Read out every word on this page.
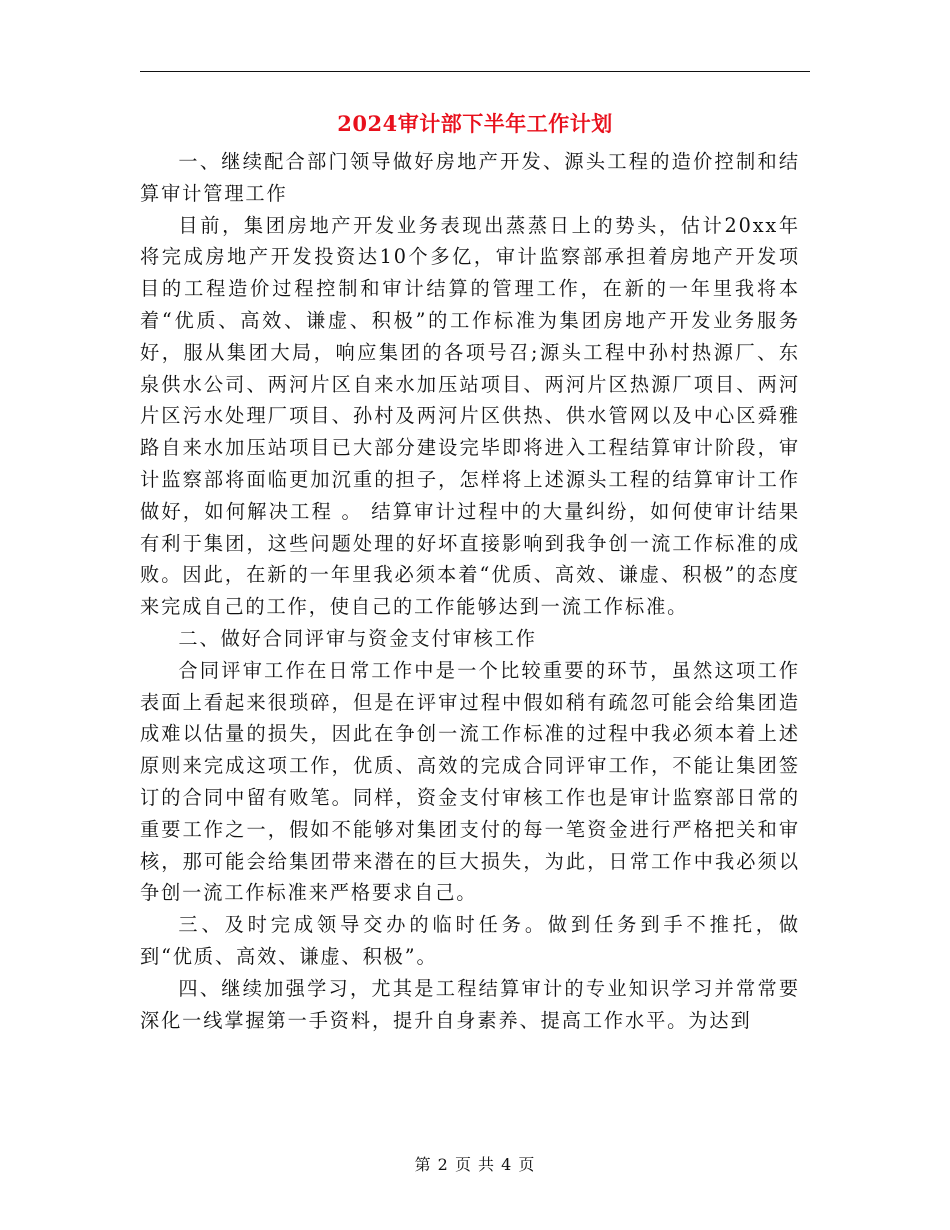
2024审计部下半年工作计划

一、继续配合部门领导做好房地产开发、源头工程的造价控制和结算审计管理工作

目前，集团房地产开发业务表现出蒸蒸日上的势头，估计20xx年将完成房地产开发投资达10个多亿，审计监察部承担着房地产开发项目的工程造价过程控制和审计结算的管理工作，在新的一年里我将本着“优质、高效、谦虚、积极”的工作标准为集团房地产开发业务服务好，服从集团大局，响应集团的各项号召;源头工程中孙村热源厂、东泉供水公司、两河片区自来水加压站项目、两河片区热源厂项目、两河片区污水处理厂项目、孙村及两河片区供热、供水管网以及中心区舜雅路自来水加压站项目已大部分建设完毕即将进入工程结算审计阶段，审计监察部将面临更加沉重的担子，怎样将上述源头工程的结算审计工作做好，如何解决工程 。 结算审计过程中的大量纠纷，如何使审计结果有利于集团，这些问题处理的好坏直接影响到我争创一流工作标准的成败。因此，在新的一年里我必须本着“优质、高效、谦虚、积极”的态度来完成自己的工作，使自己的工作能够达到一流工作标准。

二、做好合同评审与资金支付审核工作

合同评审工作在日常工作中是一个比较重要的环节，虽然这项工作表面上看起来很琐碎，但是在评审过程中假如稍有疏忽可能会给集团造成难以估量的损失，因此在争创一流工作标准的过程中我必须本着上述原则来完成这项工作，优质、高效的完成合同评审工作，不能让集团签订的合同中留有败笔。同样，资金支付审核工作也是审计监察部日常的重要工作之一，假如不能够对集团支付的每一笔资金进行严格把关和审核，那可能会给集团带来潜在的巨大损失，为此，日常工作中我必须以争创一流工作标准来严格要求自己。

三、及时完成领导交办的临时任务。做到任务到手不推托，做到“优质、高效、谦虚、积极”。

四、继续加强学习，尤其是工程结算审计的专业知识学习并常常要深化一线掌握第一手资料，提升自身素养、提高工作水平。为达到

第 2 页 共 4 页
